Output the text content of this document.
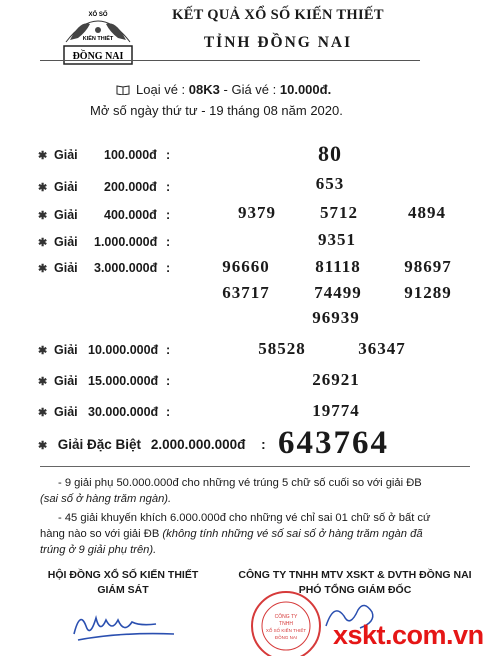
XỔ SỐ
KIẾN THIẾT
ĐỒNG NAI
KẾT QUẢ XỔ SỐ KIẾN THIẾT
TỈNH ĐỒNG NAI
Loại vé : 08K3 - Giá vé : 10.000đ.
Mở số ngày thứ tư - 19 tháng 08 năm 2020.
✱ Giải 100.000đ :	80
✱ Giải 200.000đ :	653
✱ Giải 400.000đ :	9379	5712	4894
✱ Giải 1.000.000đ :	9351
✱ Giải 3.000.000đ :	96660	81118	98697
63717	74499	91289
96939
✱ Giải 10.000.000đ :	58528	36347
✱ Giải 15.000.000đ :	26921
✱ Giải 30.000.000đ :	19774
✱ Giải Đặc Biệt 2.000.000.000đ : 643764
- 9 giải phụ 50.000.000đ cho những vé trúng 5 chữ số cuối so với giải ĐB
(sai số ở hàng trăm ngàn).
- 45 giải khuyến khích 6.000.000đ cho những vé chỉ sai 01 chữ số ở bất cứ
hàng nào so với giải ĐB (không tính những vé số sai số ở hàng trăm ngàn đã
trúng ở 9 giải phụ trên).
HỘI ĐỒNG XỔ SỐ KIẾN THIẾT
GIÁM SÁT
CÔNG TY TNHH MTV XSKT & DVTH ĐỒNG NAI
PHÓ TỔNG GIÁM ĐỐC
CÔNG TY
TNHH
XỔ SỐ KIẾN THIẾT
ĐỒNG NAI xskt.com.vn
